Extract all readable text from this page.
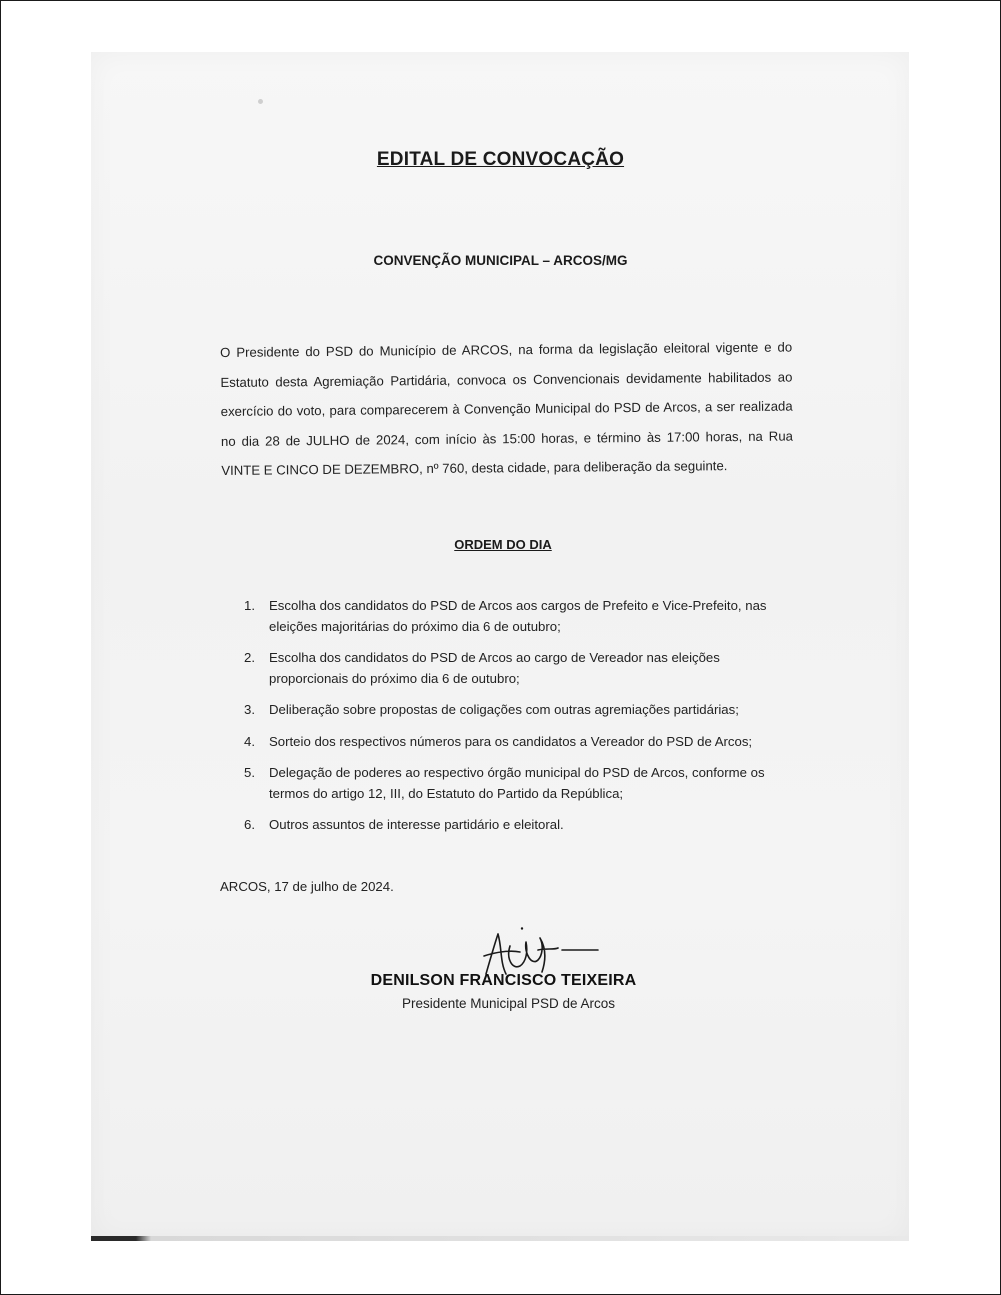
EDITAL DE CONVOCAÇÃO
CONVENÇÃO MUNICIPAL – ARCOS/MG

O Presidente do PSD do Município de ARCOS, na forma da legislação eleitoral vigente e do Estatuto desta Agremiação Partidária, convoca os Convencionais devidamente habilitados ao exercício do voto, para comparecerem à Convenção Municipal do PSD de Arcos, a ser realizada no dia 28 de JULHO de 2024, com início às 15:00 horas, e término às 17:00 horas, na Rua VINTE E CINCO DE DEZEMBRO, nº 760, desta cidade, para deliberação da seguinte.

ORDEM DO DIA
1. Escolha dos candidatos do PSD de Arcos aos cargos de Prefeito e Vice-Prefeito, nas eleições majoritárias do próximo dia 6 de outubro;
2. Escolha dos candidatos do PSD de Arcos ao cargo de Vereador nas eleições proporcionais do próximo dia 6 de outubro;
3. Deliberação sobre propostas de coligações com outras agremiações partidárias;
4. Sorteio dos respectivos números para os candidatos a Vereador do PSD de Arcos;
5. Delegação de poderes ao respectivo órgão municipal do PSD de Arcos, conforme os termos do artigo 12, III, do Estatuto do Partido da República;
6. Outros assuntos de interesse partidário e eleitoral.
ARCOS, 17 de julho de 2024.
DENILSON FRANCISCO TEIXEIRA
Presidente Municipal PSD de Arcos
